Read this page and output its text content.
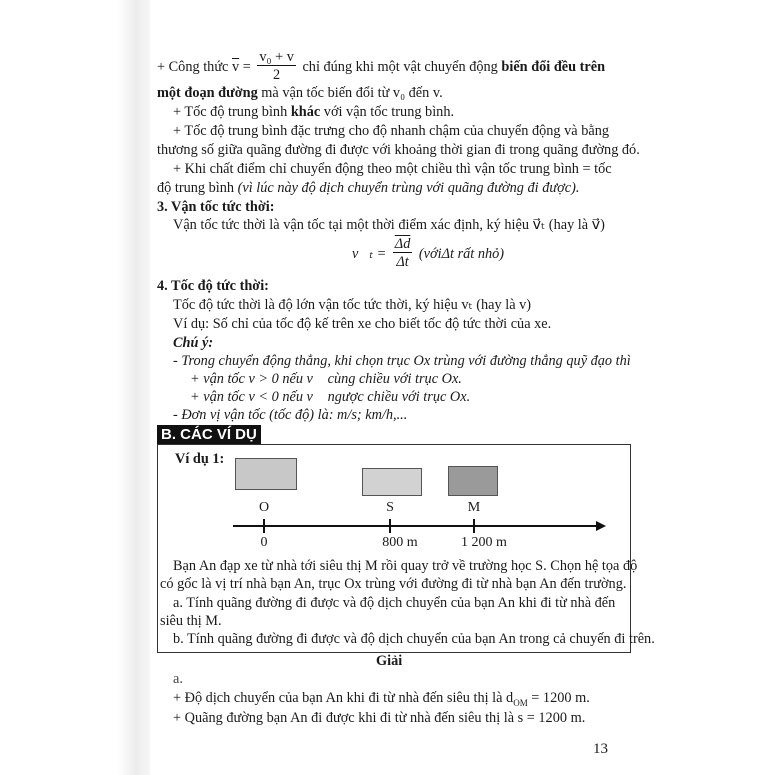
+ Công thức $\overline{v} = \frac{\text{v₀ + v}}{2}$ chỉ đúng khi một vật chuyển động biến đổi đều trên
một đoạn đường mà vận tốc biến đổi từ v₀ đến v.
+ Tốc độ trung bình khác với vận tốc trung bình.
+ Tốc độ trung bình đặc trưng cho độ nhanh chậm của chuyển động và bằng
thương số giữa quãng đường đi được với khoảng thời gian đi trong quãng đường đó.
+ Khi chất điểm chỉ chuyển động theo một chiều thì vận tốc trung bình = tốc
độ trung bình (vì lúc này độ dịch chuyển trùng với quãng đường đi được).
3. Vận tốc tức thời:
Vận tốc tức thời là vận tốc tại một thời điểm xác định, ký hiệu v⃗ₜ (hay là v⃗)
v⃗ₜ = $\frac{\overline{\Delta d}}{\Delta t}$ (vớiΔt rất nhỏ)
4. Tốc độ tức thời:
Tốc độ tức thời là độ lớn vận tốc tức thời, ký hiệu vₜ (hay là v)
Ví dụ: Số chỉ của tốc độ kế trên xe cho biết tốc độ tức thời của xe.
Chú ý:
- Trong chuyển động thẳng, khi chọn trục Ox trùng với đường thẳng quỹ đạo thì
+ vận tốc v > 0 nếu v⃗ cùng chiều với trục Ox.
+ vận tốc v < 0 nếu v⃗ ngược chiều với trục Ox.
- Đơn vị vận tốc (tốc độ) là: m/s; km/h,...
B. CÁC VÍ DỤ
Ví dụ 1:
O	S	M
0	800 m	1 200 m
Bạn An đạp xe từ nhà tới siêu thị M rồi quay trở về trường học S. Chọn hệ tọa độ
có gốc là vị trí nhà bạn An, trục Ox trùng với đường đi từ nhà bạn An đến trường.
a. Tính quãng đường đi được và độ dịch chuyển của bạn An khi đi từ nhà đến
siêu thị M.
b. Tính quãng đường đi được và độ dịch chuyển của bạn An trong cả chuyến đi trên.
Giải
a.
+ Độ dịch chuyển của bạn An khi đi từ nhà đến siêu thị là $d_{OM} = 1200$ m.
+ Quãng đường bạn An đi được khi đi từ nhà đến siêu thị là s = 1200 m.
13
